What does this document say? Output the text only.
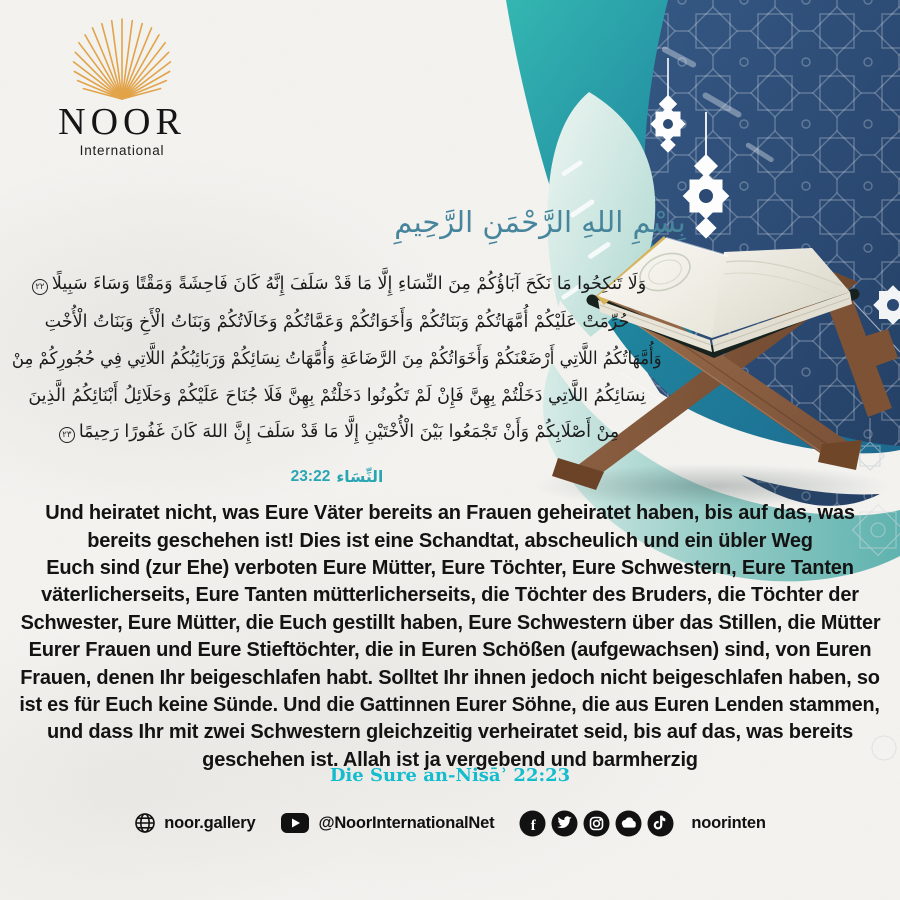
NOOR
International
بِسْمِ اللهِ الرَّحْمَنِ الرَّحِيمِ
وَلَا تَنكِحُوا مَا نَكَحَ آبَاؤُكُمْ مِنَ النِّسَاءِ إِلَّا مَا قَدْ سَلَفَ إِنَّهُ كَانَ فَاحِشَةً وَمَقْتًا وَسَاءَ سَبِيلًا٢٢
حُرِّمَتْ عَلَيْكُمْ أُمَّهَاتُكُمْ وَبَنَاتُكُمْ وَأَخَوَاتُكُمْ وَعَمَّاتُكُمْ وَخَالَاتُكُمْ وَبَنَاتُ الْأَخِ وَبَنَاتُ الْأُخْتِ
وَأُمَّهَاتُكُمُ اللَّاتِي أَرْضَعْنَكُمْ وَأَخَوَاتُكُمْ مِنَ الرَّضَاعَةِ وَأُمَّهَاتُ نِسَائِكُمْ وَرَبَائِبُكُمُ اللَّاتِي فِي حُجُورِكُمْ مِنْ
نِسَائِكُمُ اللَّاتِي دَخَلْتُمْ بِهِنَّ فَإِنْ لَمْ تَكُونُوا دَخَلْتُمْ بِهِنَّ فَلَا جُنَاحَ عَلَيْكُمْ وَحَلَائِلُ أَبْنَائِكُمُ الَّذِينَ
مِنْ أَصْلَابِكُمْ وَأَنْ تَجْمَعُوا بَيْنَ الْأُخْتَيْنِ إِلَّا مَا قَدْ سَلَفَ إِنَّ اللهَ كَانَ غَفُورًا رَحِيمًا٢٣
23:22 النِّسَاء
Und heiratet nicht, was Eure Väter bereits an Frauen geheiratet haben, bis auf das, was
bereits geschehen ist! Dies ist eine Schandtat, abscheulich und ein übler Weg
Euch sind (zur Ehe) verboten Eure Mütter, Eure Töchter, Eure Schwestern, Eure Tanten
väterlicherseits, Eure Tanten mütterlicherseits, die Töchter des Bruders, die Töchter der
Schwester, Eure Mütter, die Euch gestillt haben, Eure Schwestern über das Stillen, die Mütter
Eurer Frauen und Eure Stieftöchter, die in Euren Schößen (aufgewachsen) sind, von Euren
Frauen, denen Ihr beigeschlafen habt. Solltet Ihr ihnen jedoch nicht beigeschlafen haben, so
ist es für Euch keine Sünde. Und die Gattinnen Eurer Söhne, die aus Euren Lenden stammen,
und dass Ihr mit zwei Schwestern gleichzeitig verheiratet seid, bis auf das, was bereits
geschehen ist. Allah ist ja vergebend und barmherzig
Die Sure an-Nisāʾ 22:23
noor.gallery	@NoorInternationalNet f	noorinten
